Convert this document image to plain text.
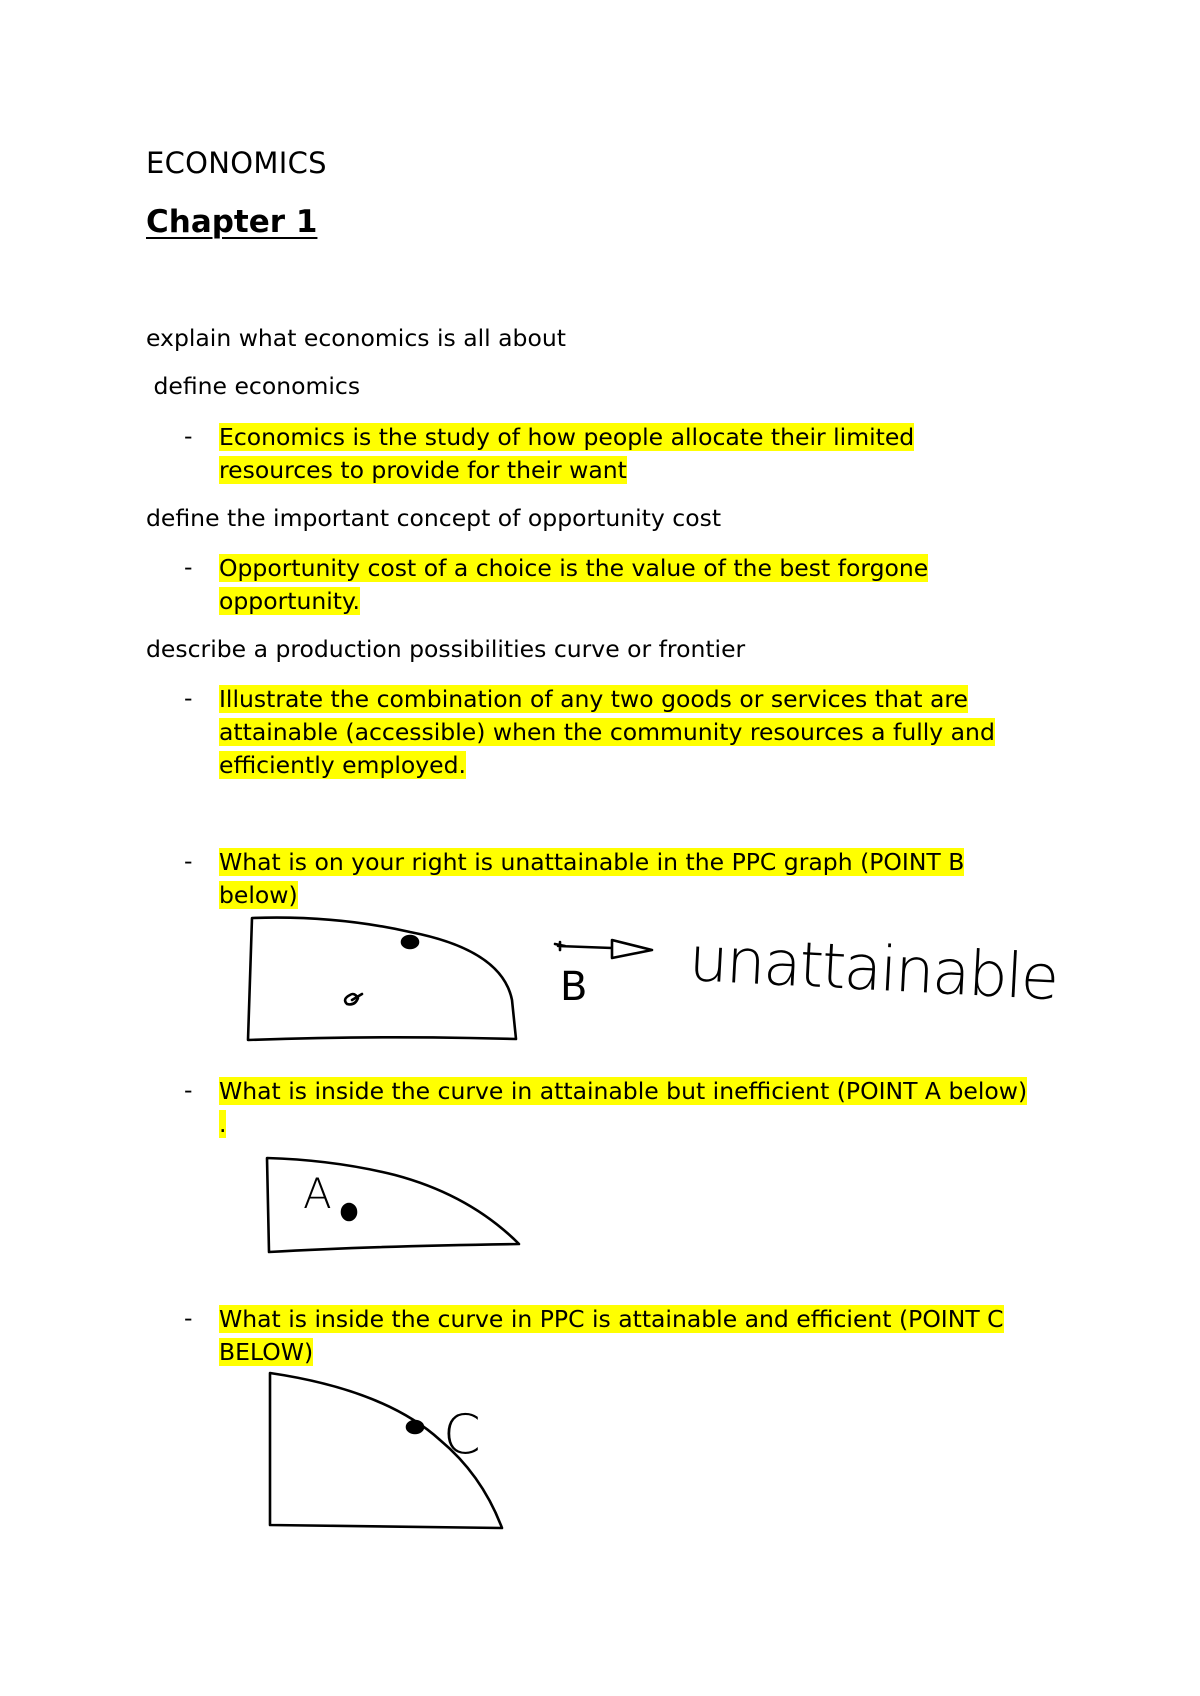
ECONOMICS
Chapter 1
explain what economics is all about
define economics
- Economics is the study of how people allocate their limited
resources to provide for their want
define the important concept of opportunity cost
- Opportunity cost of a choice is the value of the best forgone
opportunity.
describe a production possibilities curve or frontier
- Illustrate the combination of any two goods or services that are
attainable (accessible) when the community resources a fully and
efficiently employed.
- What is on your right is unattainable in the PPC graph (POINT B
below)
B unattainable
- What is inside the curve in attainable but inefficient (POINT A below)
.
A
- What is inside the curve in PPC is attainable and efficient (POINT C
BELOW)
C
